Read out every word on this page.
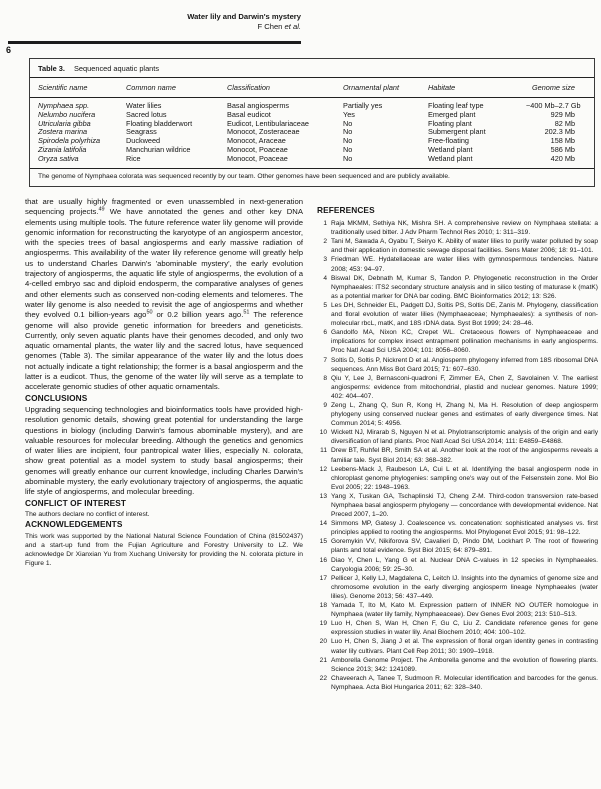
Water lily and Darwin's mystery
F Chen et al.
6
Table 3. Sequenced aquatic plants
Scientific name	Common name	Classification	Ornamental plant	Habitate	Genome size
Nymphaea spp.	Water lilies	Basal angiosperms	Partially yes	Floating leaf type	~400 Mb–2.7 Gb
Nelumbo nucifera	Sacred lotus	Basal eudicot	Yes	Emerged plant	929 Mb
Utricularia gibba	Floating bladderwort	Eudicot, Lentibulariaceae	No	Floating plant	82 Mb
Zostera marina	Seagrass	Monocot, Zosteraceae	No	Submergent plant	202.3 Mb
Spirodela polyrhiza	Duckweed	Monocot, Araceae	No	Free-floating	158 Mb
Zizania latifolia	Manchurian wildrice	Monocot, Poaceae	No	Wetland plant	586 Mb
Oryza sativa	Rice	Monocot, Poaceae	No	Wetland plant	420 Mb
The genome of Nymphaea colorata was sequenced recently by our team. Other genomes have been sequenced and are publicly available.

that are usually highly fragmented or even unassembled in next-generation sequencing projects.$^{49}$ We have annotated the genes and other key DNA elements using multiple tools. The future reference water lily genome will provide genomic information for reconstructing the karyotype of an angiosperm ancestor, with the species trees of basal angiosperms and early massive radiation of angiosperms. This availability of the water lily reference genome will greatly help us to understand Charles Darwin's 'abominable mystery', the early evolution trajectory of angiosperms, the aquatic life style of angiosperms, the evolution of a 4-celled embryo sac and diploid endosperm, the comparative analyses of genes and other elements such as conserved non-coding elements and telomeres. The water lily genome is also needed to revisit the age of angiosperms and whether they evolved 0.1 billion-years ago$^{50}$ or 0.2 billion years ago.$^{51}$ The reference genome will also provide genetic information for breeders and geneticists. Currently, only seven aquatic plants have their genomes decoded, and only two aquatic ornamental plants, the water lily and the sacred lotus, have sequenced genomes (Table 3). The similar appearance of the water lily and the lotus does not actually indicate a tight relationship; the former is a basal angiosperm and the latter is a eudicot. Thus, the genome of the water lily will serve as a template to accelerate genomic studies of other aquatic ornamentals.

CONCLUSIONS

Upgrading sequencing technologies and bioinformatics tools have provided high-resolution genomic details, showing great potential for understanding the large questions in biology (including Darwin's famous abominable mystery), and are valuable resources for molecular breeding. Although the genetics and genomics of water lilies are incipient, four pantropical water lilies, especially N. colorata, show great potential as a model system to study basal angiosperms; their genomes will greatly enhance our current knowledge, including Charles Darwin's abominable mystery, the early evolutionary trajectory of angiosperms, the aquatic life style of angiosperms, and molecular breeding.

CONFLICT OF INTEREST

The authors declare no conflict of interest.

ACKNOWLEDGEMENTS

This work was supported by the National Natural Science Foundation of China (81502437) and a start-up fund from the Fujian Agriculture and Forestry University to LZ. We acknowledge Dr Xianxian Yu from Xuchang University for providing the N. colorata picture in Figure 1.

REFERENCES
1 Raja MKMM, Sethiya NK, Mishra SH. A comprehensive review on Nymphaea stellata: a traditionally used bitter. J Adv Pharm Technol Res 2010; 1: 311–319.
2 Tani M, Sawada A, Oyabu T, Seiryo K. Ability of water lilies to purify water polluted by soap and their application in domestic sewage disposal facilities. Sens Mater 2006; 18: 91–101.
3 Friedman WE. Hydatellaceae are water lilies with gymnospermous tendencies. Nature 2008; 453: 94–97.
4 Biswal DK, Debnath M, Kumar S, Tandon P. Phylogenetic reconstruction in the Order Nymphaeales: ITS2 secondary structure analysis and in silico testing of maturase k (matK) as a potential marker for DNA bar coding. BMC Bioinformatics 2012; 13: S26.
5 Les DH, Schneider EL, Padgett DJ, Soltis PS, Soltis DE, Zanis M. Phylogeny, classification and floral evolution of water lilies (Nymphaeaceae; Nymphaeales): a synthesis of non-molecular rbcL, matK, and 18S rDNA data. Syst Bot 1999; 24: 28–46.
6 Gandolfo MA, Nixon KC, Crepet WL. Cretaceous flowers of Nymphaeaceae and implications for complex insect entrapment pollination mechanisms in early angiosperms. Proc Natl Acad Sci USA 2004; 101: 8056–8060.
7 Soltis D, Soltis P, Nickrent D et al. Angiosperm phylogeny inferred from 18S ribosomal DNA sequences. Ann Miss Bot Gard 2015; 71: 607–630.
8 Qiu Y, Lee J, Bernasconi-quadroni F, Zimmer EA, Chen Z, Savolainen V. The earliest angiosperms: evidence from mitochondrial, plastid and nuclear genomes. Nature 1999; 402: 404–407.
9 Zeng L, Zhang Q, Sun R, Kong H, Zhang N, Ma H. Resolution of deep angiosperm phylogeny using conserved nuclear genes and estimates of early divergence times. Nat Commun 2014; 5: 4956.
10 Wickett NJ, Mirarab S, Nguyen N et al. Phylotranscriptomic analysis of the origin and early diversification of land plants. Proc Natl Acad Sci USA 2014; 111: E4859–E4868.
11 Drew BT, Ruhfel BR, Smith SA et al. Another look at the root of the angiosperms reveals a familiar tale. Syst Biol 2014; 63: 368–382.
12 Leebens-Mack J, Raubeson LA, Cui L et al. Identifying the basal angiosperm node in chloroplast genome phylogenies: sampling one's way out of the Felsenstein zone. Mol Bio Evol 2005; 22: 1948–1963.
13 Yang X, Tuskan GA, Tschaplinski TJ, Cheng Z-M. Third-codon transversion rate-based Nymphaea basal angiosperm phylogeny — concordance with developmental evidence. Nat Preced 2007, 1–20.
14 Simmons MP, Gatesy J. Coalescence vs. concatenation: sophisticated analyses vs. first principles applied to rooting the angiosperms. Mol Phylogenet Evol 2015; 91: 98–122.
15 Goremykin VV, Nikiforova SV, Cavalieri D, Pindo DM, Lockhart P. The root of flowering plants and total evidence. Syst Biol 2015; 64: 879–891.
16 Diao Y, Chen L, Yang G et al. Nuclear DNA C-values in 12 species in Nymphaeales. Caryologia 2006; 59: 25–30.
17 Pellicer J, Kelly LJ, Magdalena C, Leitch IJ. Insights into the dynamics of genome size and chromosome evolution in the early diverging angiosperm lineage Nymphaeales (water lilies). Genome 2013; 56: 437–449.
18 Yamada T, Ito M, Kato M. Expression pattern of INNER NO OUTER homologue in Nymphaea (water lily family, Nymphaeaceae). Dev Genes Evol 2003; 213: 510–513.
19 Luo H, Chen S, Wan H, Chen F, Gu C, Liu Z. Candidate reference genes for gene expression studies in water lily. Anal Biochem 2010; 404: 100–102.
20 Luo H, Chen S, Jiang J et al. The expression of floral organ identity genes in contrasting water lily cultivars. Plant Cell Rep 2011; 30: 1909–1918.
21 Amborella Genome Project. The Amborella genome and the evolution of flowering plants. Science 2013; 342: 1241089.
22 Chaveerach A, Tanee T, Sudmoon R. Molecular identification and barcodes for the genus. Nymphaea. Acta Biol Hungarica 2011; 62: 328–340.
